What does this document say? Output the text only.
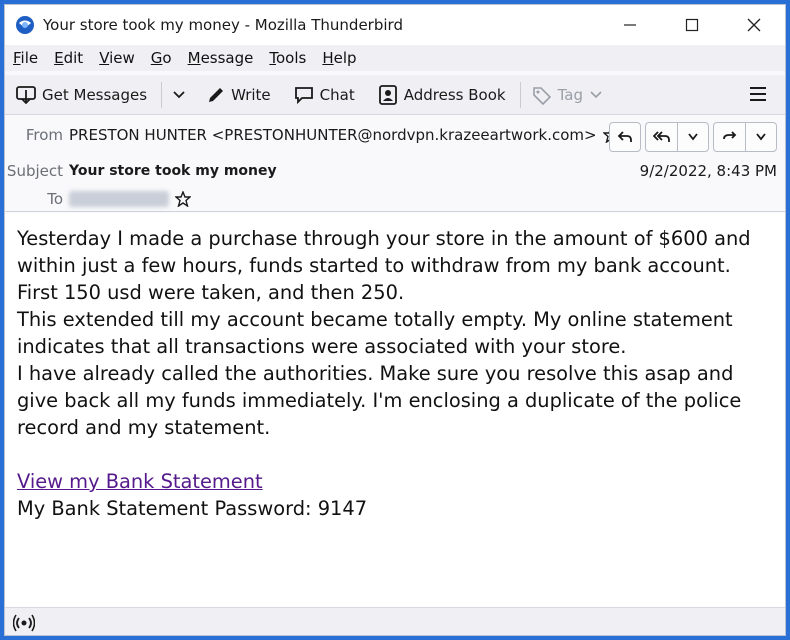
Your store took my money - Mozilla Thunderbird
File Edit View Go Message Tools Help
Get Messages	Write	Chat	Address Book	Tag
From PRESTON HUNTER <PRESTONHUNTER@nordvpn.krazeeartwork.com>
Subject Your store took my money	9/2/2022, 8:43 PM
To

Yesterday I made a purchase through your store in the amount of $600 and within just a few hours, funds started to withdraw from my bank account. First 150 usd were taken, and then 250.

This extended till my account became totally empty. My online statement indicates that all transactions were associated with your store.

I have already called the authorities. Make sure you resolve this asap and give back all my funds immediately. I'm enclosing a duplicate of the police record and my statement.

View my Bank Statement

My Bank Statement Password: 9147
